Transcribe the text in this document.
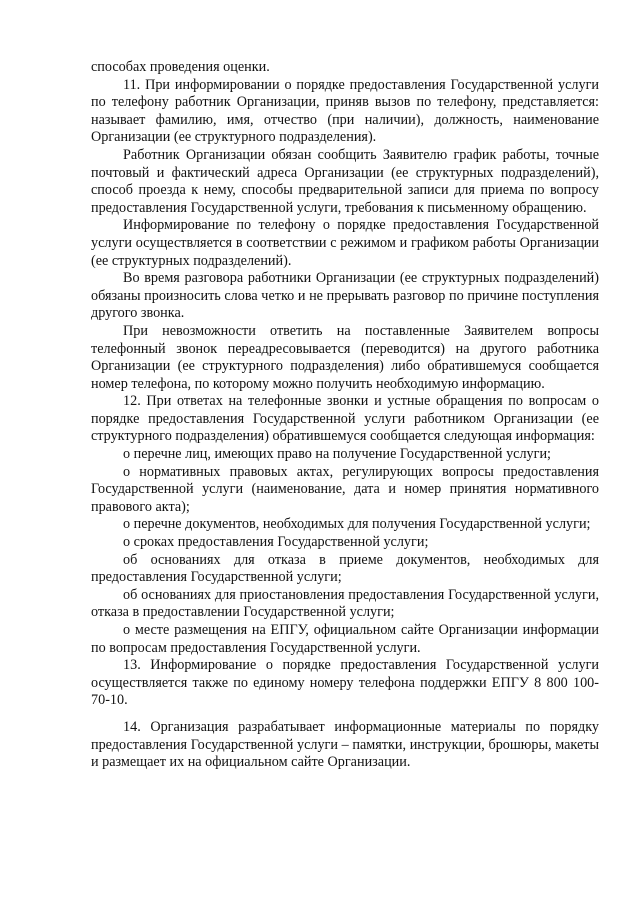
способах проведения оценки.

11. При информировании о порядке предоставления Государственной услуги по телефону работник Организации, приняв вызов по телефону, представляется: называет фамилию, имя, отчество (при наличии), должность, наименование Организации (ее структурного подразделения).

Работник Организации обязан сообщить Заявителю график работы, точные почтовый и фактический адреса Организации (ее структурных подразделений), способ проезда к нему, способы предварительной записи для приема по вопросу предоставления Государственной услуги, требования к письменному обращению.

Информирование по телефону о порядке предоставления Государственной услуги осуществляется в соответствии с режимом и графиком работы Организации (ее структурных подразделений).

Во время разговора работники Организации (ее структурных подразделений) обязаны произносить слова четко и не прерывать разговор по причине поступления другого звонка.

При невозможности ответить на поставленные Заявителем вопросы телефонный звонок переадресовывается (переводится) на другого работника Организации (ее структурного подразделения) либо обратившемуся сообщается номер телефона, по которому можно получить необходимую информацию.

12. При ответах на телефонные звонки и устные обращения по вопросам о порядке предоставления Государственной услуги работником Организации (ее структурного подразделения) обратившемуся сообщается следующая информация:

о перечне лиц, имеющих право на получение Государственной услуги;

о нормативных правовых актах, регулирующих вопросы предоставления Государственной услуги (наименование, дата и номер принятия нормативного правового акта);

о перечне документов, необходимых для получения Государственной услуги;

о сроках предоставления Государственной услуги;

об основаниях для отказа в приеме документов, необходимых для предоставления Государственной услуги;

об основаниях для приостановления предоставления Государственной услуги, отказа в предоставлении Государственной услуги;

о месте размещения на ЕПГУ, официальном сайте Организации информации по вопросам предоставления Государственной услуги.

13. Информирование о порядке предоставления Государственной услуги осуществляется также по единому номеру телефона поддержки ЕПГУ 8 800 100-70-10.

14. Организация разрабатывает информационные материалы по порядку предоставления Государственной услуги – памятки, инструкции, брошюры, макеты и размещает их на официальном сайте Организации.
